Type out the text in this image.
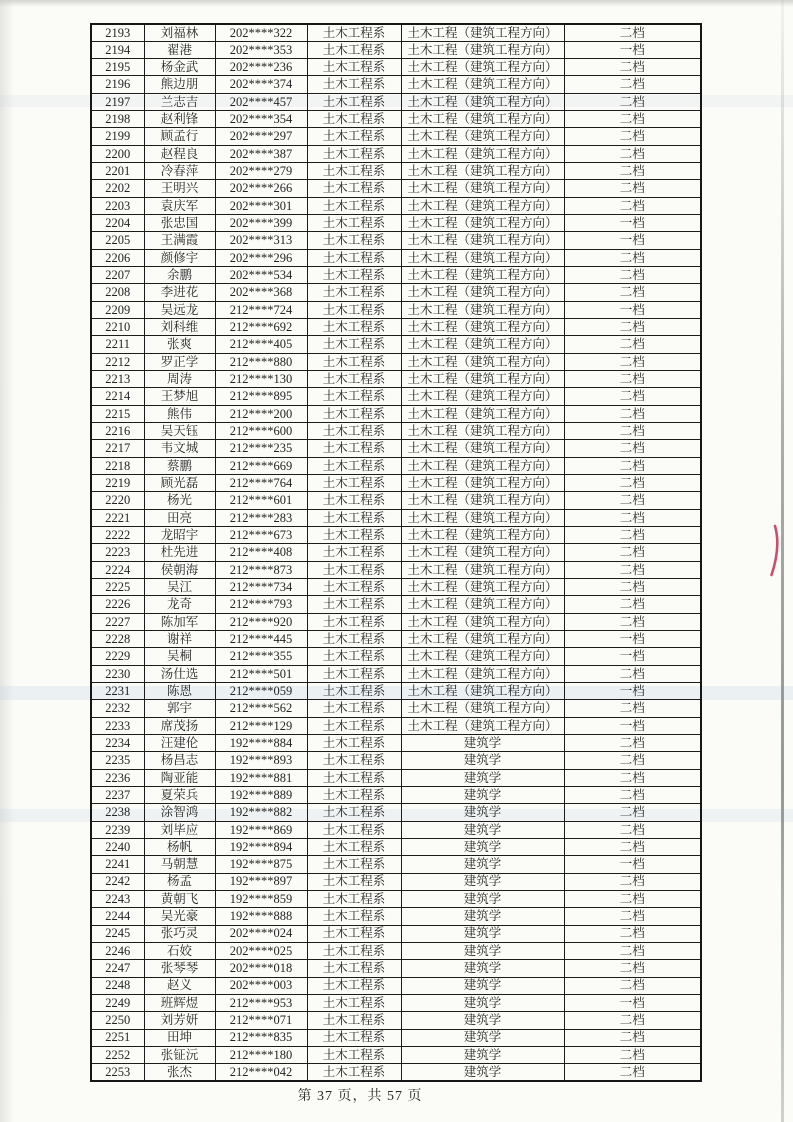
2193	刘福林	202****322	土木工程系	土木工程（建筑工程方向）	二档
2194	翟港	202****353	土木工程系	土木工程（建筑工程方向）	一档
2195	杨金武	202****236	土木工程系	土木工程（建筑工程方向）	二档
2196	熊边朋	202****374	土木工程系	土木工程（建筑工程方向）	二档
2197	兰志吉	202****457	土木工程系	土木工程（建筑工程方向）	二档
2198	赵利锋	202****354	土木工程系	土木工程（建筑工程方向）	二档
2199	顾孟行	202****297	土木工程系	土木工程（建筑工程方向）	二档
2200	赵程良	202****387	土木工程系	土木工程（建筑工程方向）	二档
2201	冷春萍	202****279	土木工程系	土木工程（建筑工程方向）	二档
2202	王明兴	202****266	土木工程系	土木工程（建筑工程方向）	二档
2203	袁庆军	202****301	土木工程系	土木工程（建筑工程方向）	二档
2204	张忠国	202****399	土木工程系	土木工程（建筑工程方向）	一档
2205	王满霞	202****313	土木工程系	土木工程（建筑工程方向）	一档
2206	颜修宇	202****296	土木工程系	土木工程（建筑工程方向）	二档
2207	余鹏	202****534	土木工程系	土木工程（建筑工程方向）	二档
2208	李进花	202****368	土木工程系	土木工程（建筑工程方向）	二档
2209	吴远龙	212****724	土木工程系	土木工程（建筑工程方向）	一档
2210	刘科维	212****692	土木工程系	土木工程（建筑工程方向）	二档
2211	张爽	212****405	土木工程系	土木工程（建筑工程方向）	二档
2212	罗正学	212****880	土木工程系	土木工程（建筑工程方向）	二档
2213	周涛	212****130	土木工程系	土木工程（建筑工程方向）	二档
2214	王梦旭	212****895	土木工程系	土木工程（建筑工程方向）	二档
2215	熊伟	212****200	土木工程系	土木工程（建筑工程方向）	二档
2216	吴天钰	212****600	土木工程系	土木工程（建筑工程方向）	二档
2217	韦文城	212****235	土木工程系	土木工程（建筑工程方向）	二档
2218	蔡鹏	212****669	土木工程系	土木工程（建筑工程方向）	二档
2219	顾光磊	212****764	土木工程系	土木工程（建筑工程方向）	二档
2220	杨光	212****601	土木工程系	土木工程（建筑工程方向）	二档
2221	田亮	212****283	土木工程系	土木工程（建筑工程方向）	二档
2222	龙昭宇	212****673	土木工程系	土木工程（建筑工程方向）	二档
2223	杜先进	212****408	土木工程系	土木工程（建筑工程方向）	二档
2224	侯朝海	212****873	土木工程系	土木工程（建筑工程方向）	二档
2225	吴江	212****734	土木工程系	土木工程（建筑工程方向）	二档
2226	龙奇	212****793	土木工程系	土木工程（建筑工程方向）	二档
2227	陈加军	212****920	土木工程系	土木工程（建筑工程方向）	二档
2228	谢祥	212****445	土木工程系	土木工程（建筑工程方向）	一档
2229	吴桐	212****355	土木工程系	土木工程（建筑工程方向）	一档
2230	汤仕选	212****501	土木工程系	土木工程（建筑工程方向）	二档
2231	陈恩	212****059	土木工程系	土木工程（建筑工程方向）	一档
2232	郭宇	212****562	土木工程系	土木工程（建筑工程方向）	二档
2233	席茂扬	212****129	土木工程系	土木工程（建筑工程方向）	一档
2234	汪建伦	192****884	土木工程系	建筑学	二档
2235	杨昌志	192****893	土木工程系	建筑学	二档
2236	陶亚能	192****881	土木工程系	建筑学	二档
2237	夏荣兵	192****889	土木工程系	建筑学	二档
2238	涂智鸿	192****882	土木工程系	建筑学	二档
2239	刘毕应	192****869	土木工程系	建筑学	二档
2240	杨帆	192****894	土木工程系	建筑学	二档
2241	马朝慧	192****875	土木工程系	建筑学	一档
2242	杨孟	192****897	土木工程系	建筑学	二档
2243	黄朝飞	192****859	土木工程系	建筑学	二档
2244	吴光豪	192****888	土木工程系	建筑学	二档
2245	张巧灵	202****024	土木工程系	建筑学	二档
2246	石姣	202****025	土木工程系	建筑学	二档
2247	张琴琴	202****018	土木工程系	建筑学	二档
2248	赵义	202****003	土木工程系	建筑学	二档
2249	班辉煜	212****953	土木工程系	建筑学	一档
2250	刘芳妍	212****071	土木工程系	建筑学	二档
2251	田坤	212****835	土木工程系	建筑学	二档
2252	张钲沅	212****180	土木工程系	建筑学	二档
2253	张杰	212****042	土木工程系	建筑学	二档
第 37 页，共 57 页
